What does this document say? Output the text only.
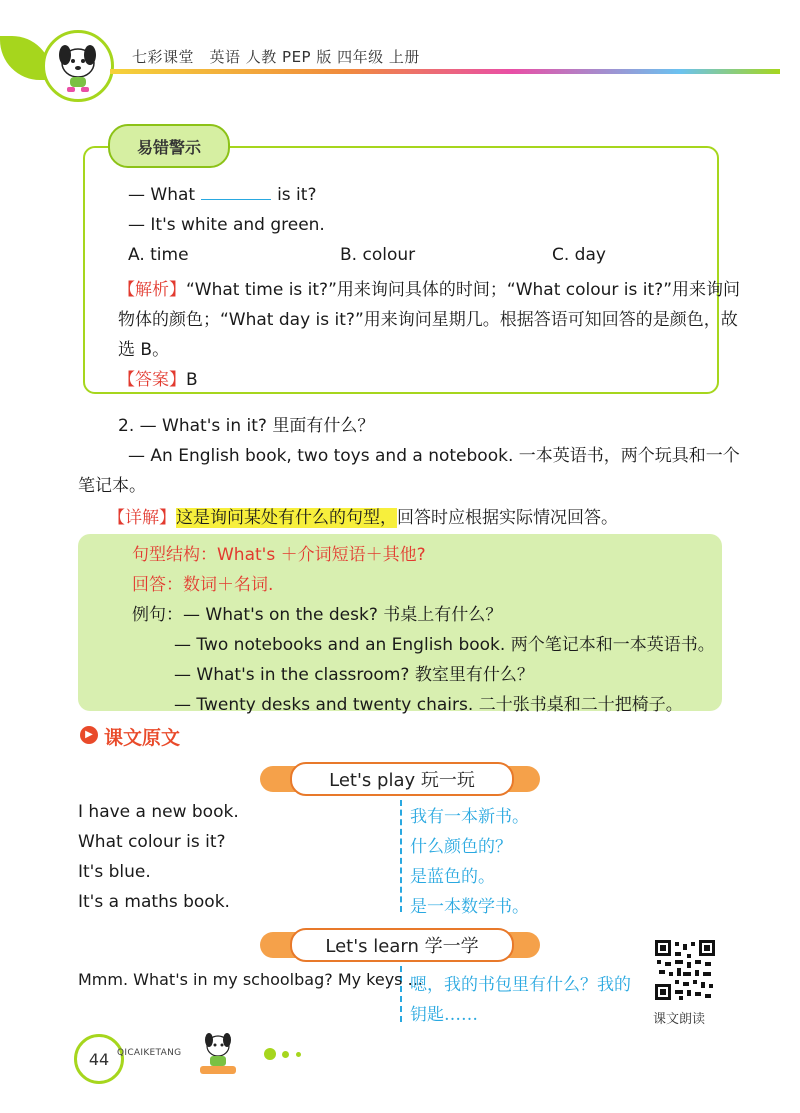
七彩课堂　英语 人教 PEP 版 四年级 上册
易错警示
— What	is it?
— It's white and green.
A. time	B. colour	C. day
【解析】“What time is it?”用来询问具体的时间；“What colour is it?”用来询问
物体的颜色；“What day is it?”用来询问星期几。根据答语可知回答的是颜色，故
选 B。
【答案】B
2. — What's in it? 里面有什么？
— An English book, two toys and a notebook. 一本英语书，两个玩具和一个
笔记本。
【详解】这是询问某处有什么的句型，回答时应根据实际情况回答。
句型结构：What's ＋介词短语＋其他?
回答：数词＋名词.
例句：— What's on the desk? 书桌上有什么？
— Two notebooks and an English book. 两个笔记本和一本英语书。
— What's in the classroom? 教室里有什么？
— Twenty desks and twenty chairs. 二十张书桌和二十把椅子。
▶ 课文原文
Let's play 玩一玩
I have a new book.	我有一本新书。
What colour is it?	什么颜色的？
It's blue.	是蓝色的。
It's a maths book.	是一本数学书。
Let's learn 学一学
Mmm. What's in my schoolbag? My keys ...
嗯，我的书包里有什么？我的
钥匙……	课文朗读
44 QICAIKETANG
